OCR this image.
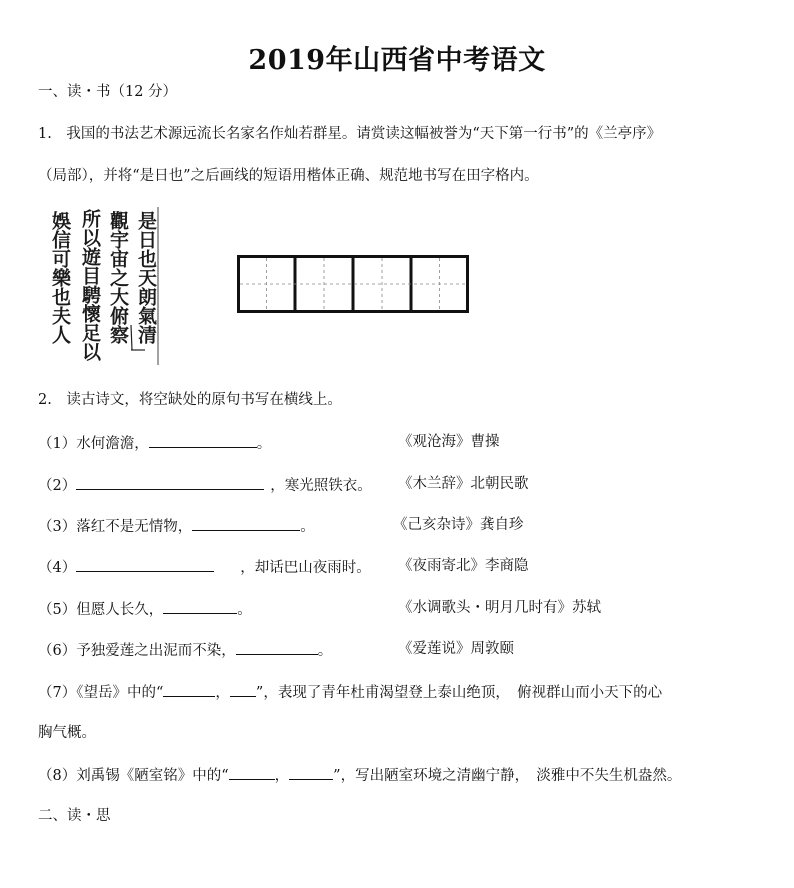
2019年山西省中考语文
一、读・书（12 分）
1.　我国的书法艺术源远流长名家名作灿若群星。请赏读这幅被誉为“天下第一行书”的《兰亭序》
（局部），并将“是日也”之后画线的短语用楷体正确、规范地书写在田字格内。
是日也天朗氣清
觀宇宙之大俯察
所以遊目騁懷足以
娛信可樂也夫人
2.　读古诗文，将空缺处的原句书写在横线上。
（1）水何澹澹，	。	《观沧海》曹操
（2）	，寒光照铁衣。 《木兰辞》北朝民歌
（3）落红不是无情物，	。	《己亥杂诗》龚自珍
（4）	，却话巴山夜雨时。 《夜雨寄北》李商隐
（5）但愿人长久，	。	《水调歌头・明月几时有》苏轼
（6）予独爱莲之出泥而不染，	。	《爱莲说》周敦颐
（7）《望岳》中的“	， ”，表现了青年杜甫渴望登上泰山绝顶，　俯视群山而小天下的心
胸气概。
（8）刘禹锡《陋室铭》中的“	，	”，写出陋室环境之清幽宁静，　淡雅中不失生机盎然。
二、读・思
